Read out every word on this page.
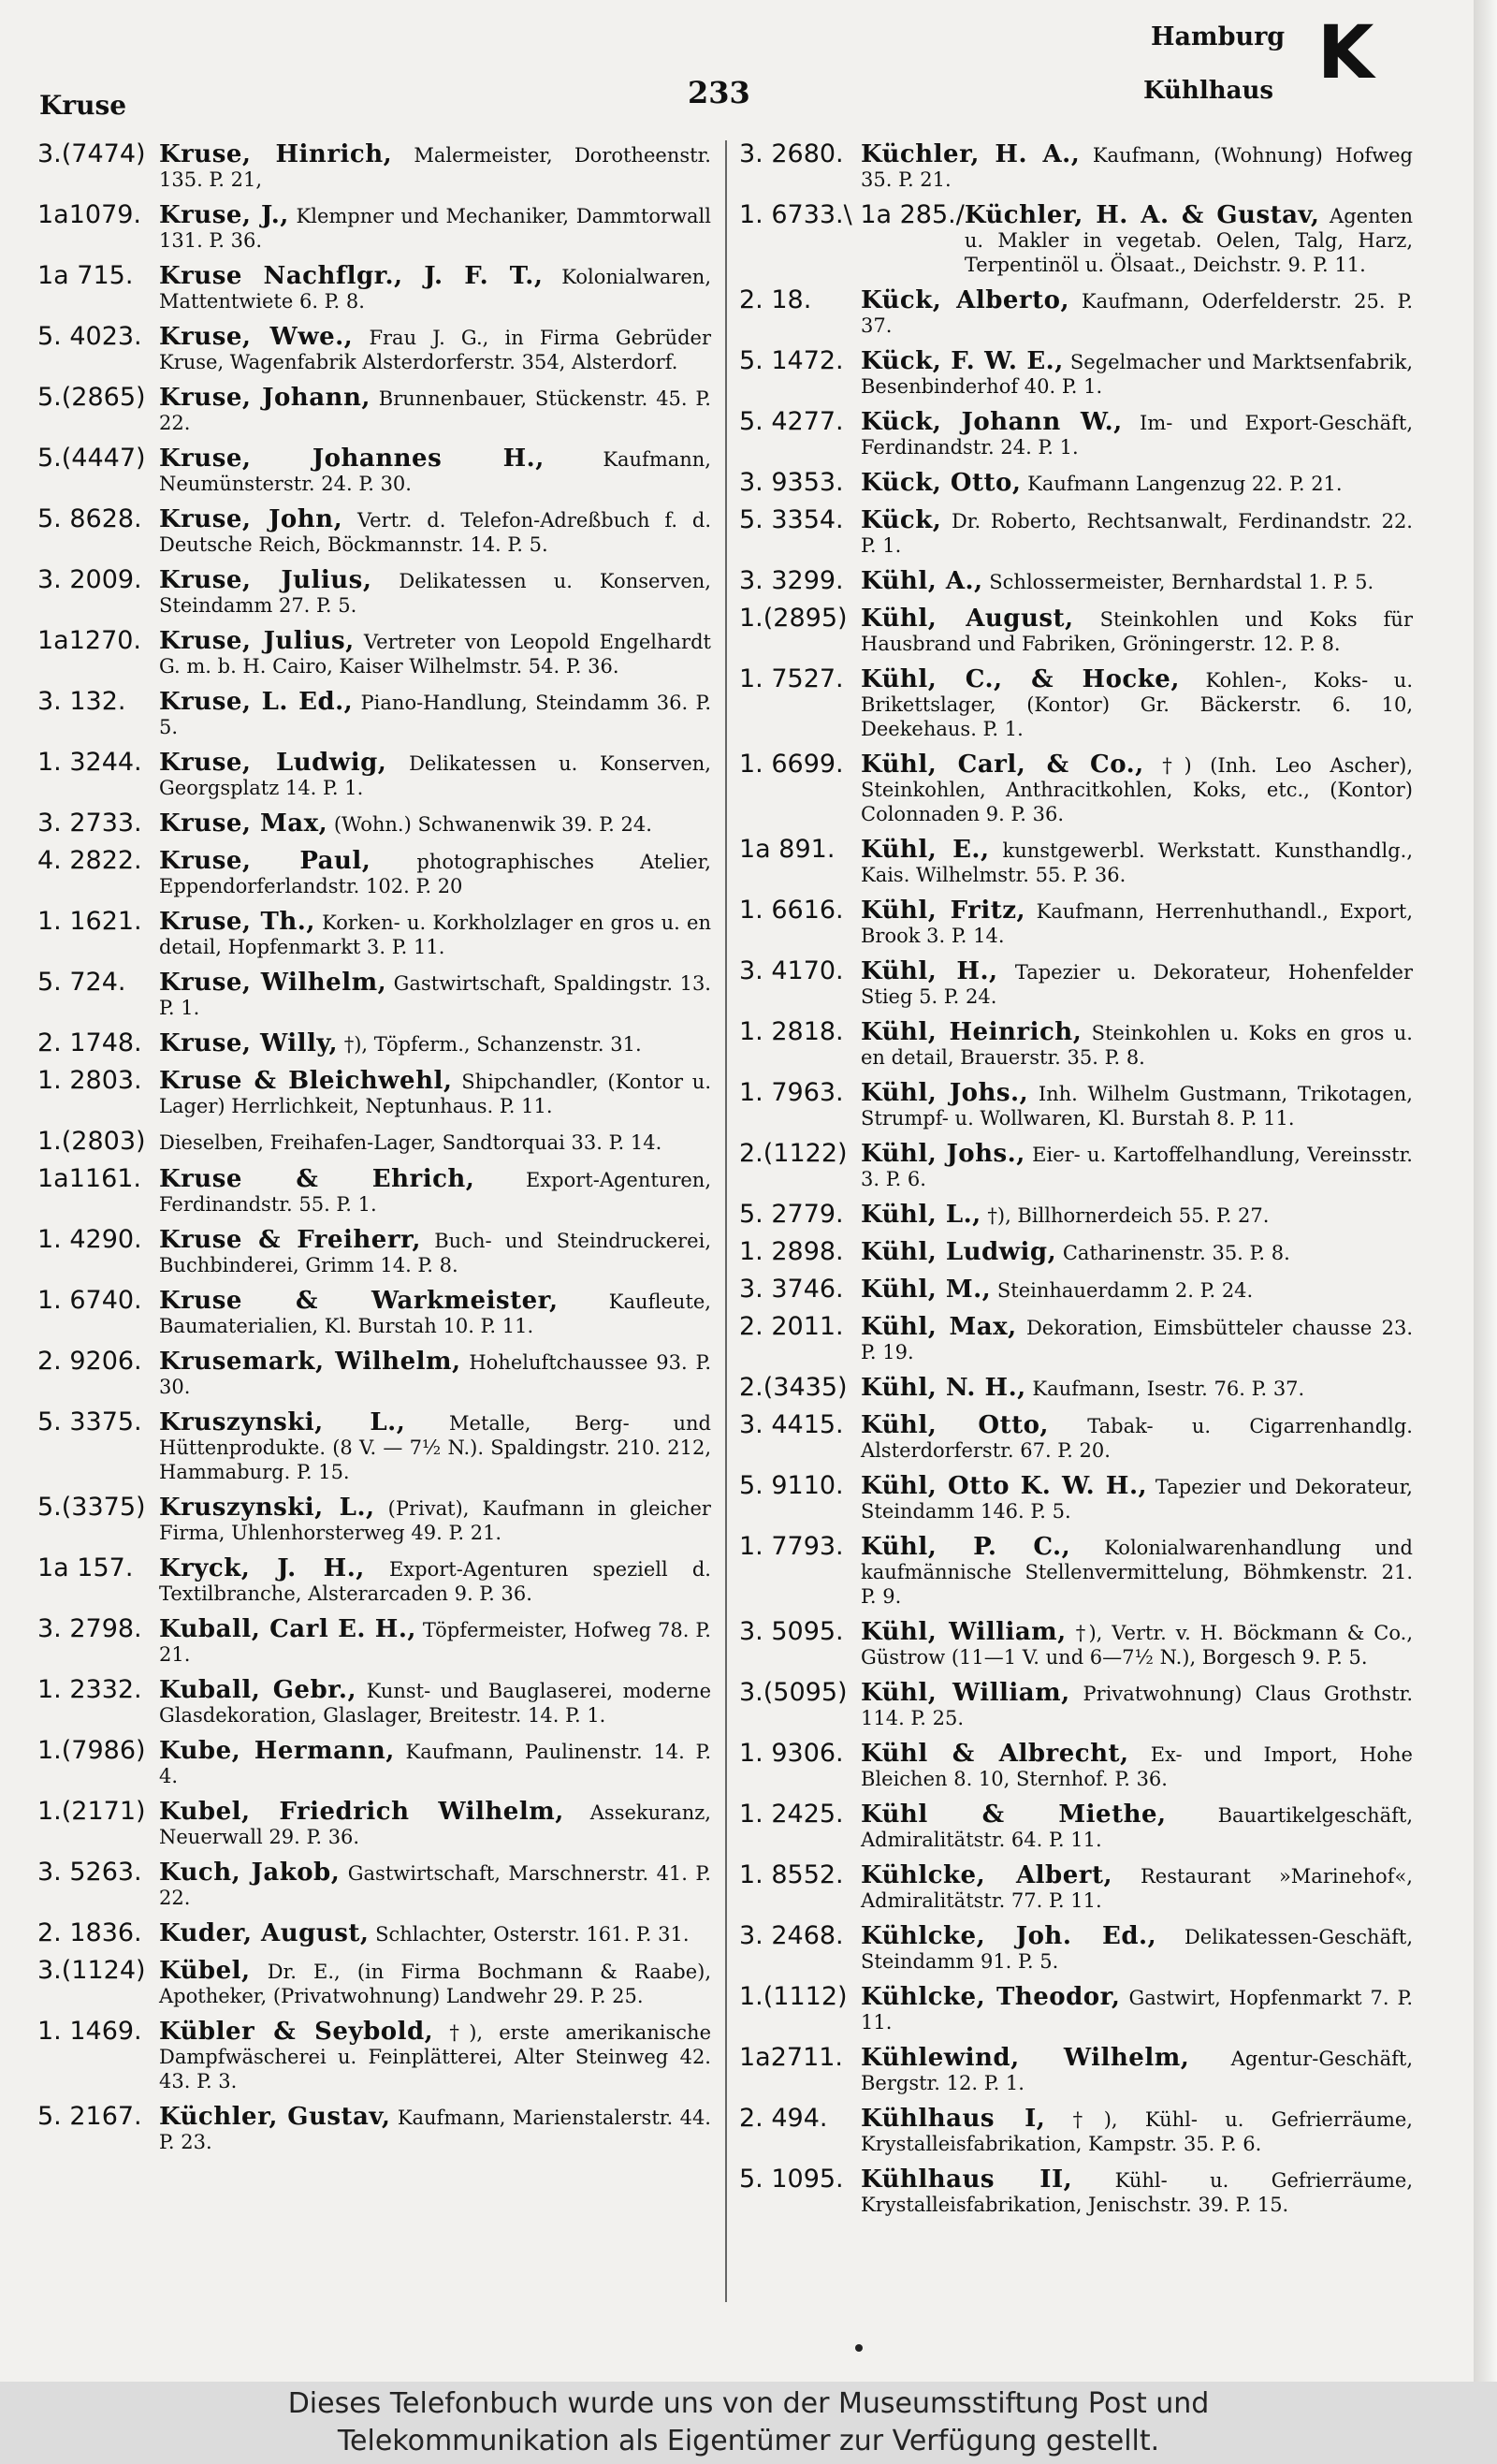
Kruse	233
Hamburg
Kühlhaus K
3.(7474) Kruse, Hinrich, Malermeister, Dorotheenstr. 135. P. 21,
1a1079. Kruse, J., Klempner und Mechaniker, Dammtorwall 131. P. 36.
1a 715.	Kruse Nachflgr., J. F. T., Kolonialwaren, Mattentwiete 6. P. 8.
5. 4023. Kruse, Wwe., Frau J. G., in Firma Gebrüder Kruse, Wagenfabrik Alsterdorferstr. 354, Alsterdorf.
5.(2865) Kruse, Johann, Brunnenbauer, Stückenstr. 45. P. 22.
5.(4447) Kruse, Johannes H.,	Kaufmann, Neumünsterstr. 24. P. 30.
5. 8628. Kruse, John, Vertr. d. Telefon-Adreßbuch f. d. Deutsche Reich, Böckmannstr. 14. P. 5.
3. 2009. Kruse, Julius, Delikatessen u. Konserven, Steindamm 27. P. 5.
1a1270. Kruse, Julius, Vertreter von Leopold Engelhardt G. m. b. H. Cairo, Kaiser Wilhelmstr. 54. P. 36.
3. 132.	Kruse, L. Ed., Piano-Handlung, Steindamm 36. P. 5.
1. 3244. Kruse, Ludwig, Delikatessen u. Konserven, Georgsplatz 14. P. 1.
3. 2733. Kruse, Max, (Wohn.) Schwanenwik 39. P. 24.
4. 2822. Kruse, Paul, photographisches Atelier, Eppendorferlandstr. 102. P. 20
1. 1621. Kruse, Th., Korken- u. Korkholzlager en gros u. en detail, Hopfenmarkt 3. P. 11.
5. 724.	Kruse, Wilhelm, Gastwirtschaft, Spaldingstr. 13. P. 1.
2. 1748. Kruse, Willy, †), Töpferm., Schanzenstr. 31.
1. 2803. Kruse & Bleichwehl, Shipchandler, (Kontor u. Lager) Herrlichkeit, Neptunhaus. P. 11.
1.(2803) Dieselben, Freihafen-Lager, Sandtorquai 33. P. 14.
1a1161. Kruse & Ehrich,	Export-Agenturen, Ferdinandstr. 55. P. 1.
1. 4290. Kruse & Freiherr, Buch- und Steindruckerei, Buchbinderei, Grimm 14. P. 8.
1. 6740. Kruse & Warkmeister,	Kaufleute, Baumaterialien, Kl. Burstah 10. P. 11.
2. 9206. Krusemark, Wilhelm, Hoheluftchaussee 93. P. 30.
5. 3375. Kruszynski, L., Metalle, Berg- und Hüttenprodukte. (8 V. — 7½ N.). Spaldingstr. 210. 212, Hammaburg. P. 15.
5.(3375) Kruszynski, L., (Privat), Kaufmann in gleicher Firma, Uhlenhorsterweg 49. P. 21.
1a 157.	Kryck, J. H., Export-Agenturen speziell d. Textilbranche, Alsterarcaden 9. P. 36.
3. 2798. Kuball, Carl E. H., Töpfermeister, Hofweg 78. P. 21.
1. 2332. Kuball, Gebr., Kunst- und Bauglaserei, moderne Glasdekoration, Glaslager, Breitestr. 14. P. 1.
1.(7986) Kube, Hermann, Kaufmann, Paulinenstr. 14. P. 4.
1.(2171) Kubel, Friedrich Wilhelm, Assekuranz, Neuerwall 29. P. 36.
3. 5263. Kuch, Jakob, Gastwirtschaft, Marschnerstr. 41. P. 22.
2. 1836. Kuder, August, Schlachter, Osterstr. 161. P. 31.
3.(1124) Kübel, Dr. E., (in Firma Bochmann & Raabe), Apotheker, (Privatwohnung) Landwehr 29. P. 25.
1. 1469. Kübler & Seybold, †), erste amerikanische Dampfwäscherei u. Feinplätterei, Alter Steinweg 42. 43. P. 3.
5. 2167. Küchler, Gustav, Kaufmann, Marienstalerstr. 44. P. 23.
3. 2680. Küchler, H. A., Kaufmann, (Wohnung) Hofweg 35. P. 21.
1. 6733.\ 1a 285./ Küchler, H. A. & Gustav, Agenten u. Makler in vegetab. Oelen, Talg, Harz, Terpentinöl u. Ölsaat., Deichstr. 9. P. 11.
2. 18.	Kück, Alberto, Kaufmann, Oderfelderstr. 25. P. 37.
5. 1472. Kück, F. W. E., Segelmacher und Marktsenfabrik, Besenbinderhof 40. P. 1.
5. 4277. Kück, Johann W., Im- und Export-Geschäft, Ferdinandstr. 24. P. 1.
3. 9353. Kück, Otto, Kaufmann Langenzug 22. P. 21.
5. 3354. Kück, Dr. Roberto, Rechtsanwalt, Ferdinandstr. 22. P. 1.
3. 3299. Kühl, A., Schlossermeister, Bernhardstal 1. P. 5.
1.(2895) Kühl, August, Steinkohlen und Koks für Hausbrand und Fabriken, Gröningerstr. 12. P. 8.
1. 7527. Kühl, C., & Hocke, Kohlen-, Koks- u. Brikettslager, (Kontor) Gr. Bäckerstr. 6. 10, Deekehaus. P. 1.
1. 6699. Kühl, Carl, & Co., †) (Inh. Leo Ascher), Steinkohlen, Anthracitkohlen, Koks, etc., (Kontor) Colonnaden 9. P. 36.
1a 891.	Kühl, E., kunstgewerbl. Werkstatt. Kunsthandlg., Kais. Wilhelmstr. 55. P. 36.
1. 6616. Kühl, Fritz, Kaufmann, Herrenhuthandl., Export, Brook 3. P. 14.
3. 4170. Kühl, H., Tapezier u. Dekorateur, Hohenfelder Stieg 5. P. 24.
1. 2818. Kühl, Heinrich, Steinkohlen u. Koks en gros u. en detail, Brauerstr. 35. P. 8.
1. 7963. Kühl, Johs., Inh. Wilhelm Gustmann, Trikotagen, Strumpf- u. Wollwaren, Kl. Burstah 8. P. 11.
2.(1122) Kühl, Johs., Eier- u. Kartoffelhandlung, Vereinsstr. 3. P. 6.
5. 2779. Kühl, L., †), Billhornerdeich 55. P. 27.
1. 2898. Kühl, Ludwig, Catharinenstr. 35. P. 8.
3. 3746. Kühl, M., Steinhauerdamm 2. P. 24.
2. 2011. Kühl, Max, Dekoration, Eimsbütteler chausse 23. P. 19.
2.(3435) Kühl, N. H., Kaufmann, Isestr. 76. P. 37.
3. 4415. Kühl, Otto, Tabak- u. Cigarrenhandlg. Alsterdorferstr. 67. P. 20.
5. 9110. Kühl, Otto K. W. H., Tapezier und Dekorateur, Steindamm 146. P. 5.
1. 7793. Kühl, P. C., Kolonialwarenhandlung und kaufmännische Stellenvermittelung, Böhmkenstr. 21. P. 9.
3. 5095. Kühl, William, †), Vertr. v. H. Böckmann & Co., Güstrow (11—1 V. und 6—7½ N.), Borgesch 9. P. 5.
3.(5095) Kühl, William, Privatwohnung) Claus Grothstr. 114. P. 25.
1. 9306. Kühl & Albrecht, Ex- und Import, Hohe Bleichen 8. 10, Sternhof. P. 36.
1. 2425. Kühl & Miethe,	Bauartikelgeschäft, Admiralitätstr. 64. P. 11.
1. 8552. Kühlcke, Albert, Restaurant »Marinehof«, Admiralitätstr. 77. P. 11.
3. 2468. Kühlcke, Joh. Ed., Delikatessen-Geschäft, Steindamm 91. P. 5.
1.(1112) Kühlcke, Theodor, Gastwirt, Hopfenmarkt 7. P. 11.
1a2711. Kühlewind, Wilhelm, Agentur-Geschäft, Bergstr. 12. P. 1.
2. 494.	Kühlhaus I, †), Kühl- u. Gefrierräume, Krystalleisfabrikation, Kampstr. 35. P. 6.
5. 1095. Kühlhaus II, Kühl- u. Gefrierräume, Krystalleisfabrikation, Jenischstr. 39. P. 15.
Dieses Telefonbuch wurde uns von der Museumsstiftung Post und
Telekommunikation als Eigentümer zur Verfügung gestellt.
